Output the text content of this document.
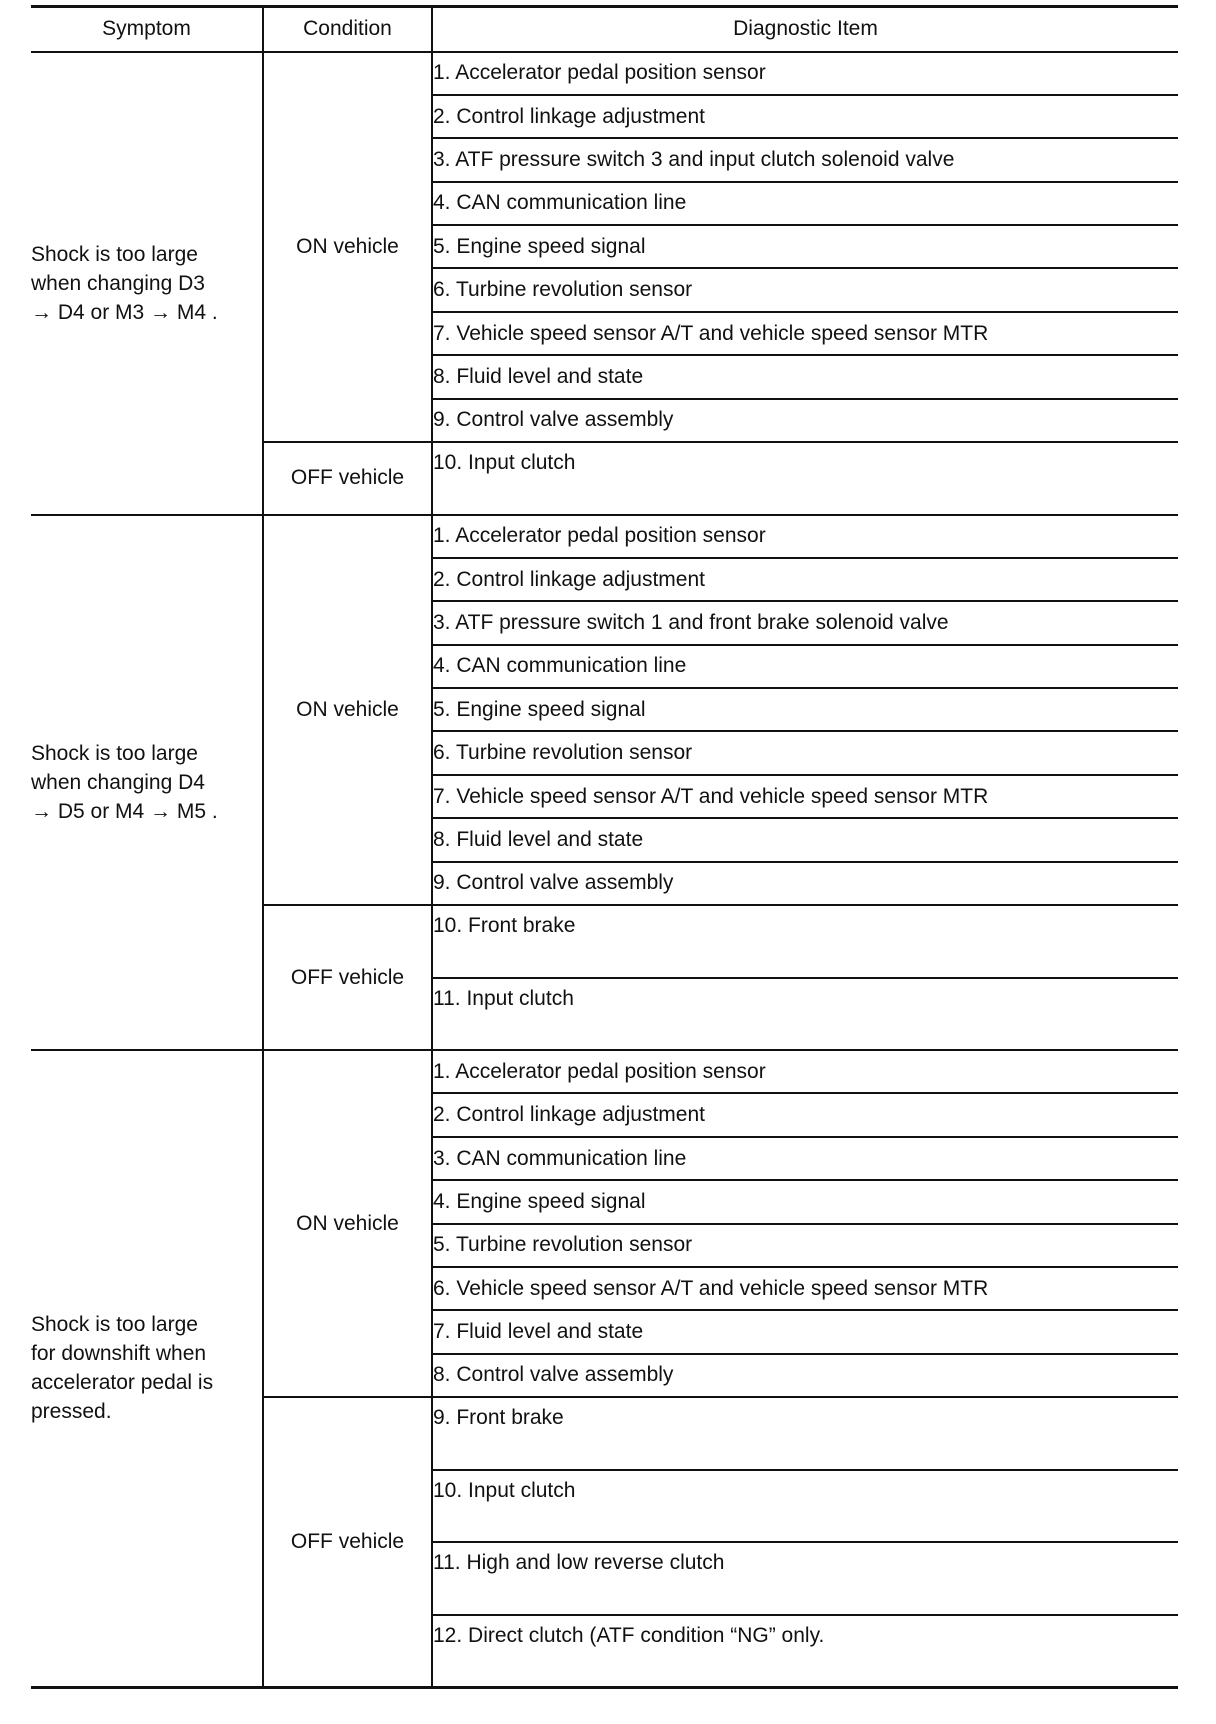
Symptom	Condition	Diagnostic Item

Shock is too large
when changing D3
→ D4 or M3 → M4 .	ON vehicle	1. Accelerator pedal position sensor
		2. Control linkage adjustment
		3. ATF pressure switch 3 and input clutch solenoid valve
		4. CAN communication line
		5. Engine speed signal
		6. Turbine revolution sensor
		7. Vehicle speed sensor A/T and vehicle speed sensor MTR
		8. Fluid level and state
		9. Control valve assembly
	OFF vehicle	10. Input clutch

Shock is too large
when changing D4
→ D5 or M4 → M5 .	ON vehicle	1. Accelerator pedal position sensor
		2. Control linkage adjustment
		3. ATF pressure switch 1 and front brake solenoid valve
		4. CAN communication line
		5. Engine speed signal
		6. Turbine revolution sensor
		7. Vehicle speed sensor A/T and vehicle speed sensor MTR
		8. Fluid level and state
		9. Control valve assembly
	OFF vehicle	10. Front brake
		11. Input clutch

Shock is too large
for downshift when
accelerator pedal is
pressed.	ON vehicle	1. Accelerator pedal position sensor
		2. Control linkage adjustment
		3. CAN communication line
		4. Engine speed signal
		5. Turbine revolution sensor
		6. Vehicle speed sensor A/T and vehicle speed sensor MTR
		7. Fluid level and state
		8. Control valve assembly
	OFF vehicle	9. Front brake
		10. Input clutch
		11. High and low reverse clutch
		12. Direct clutch (ATF condition “NG” only.
